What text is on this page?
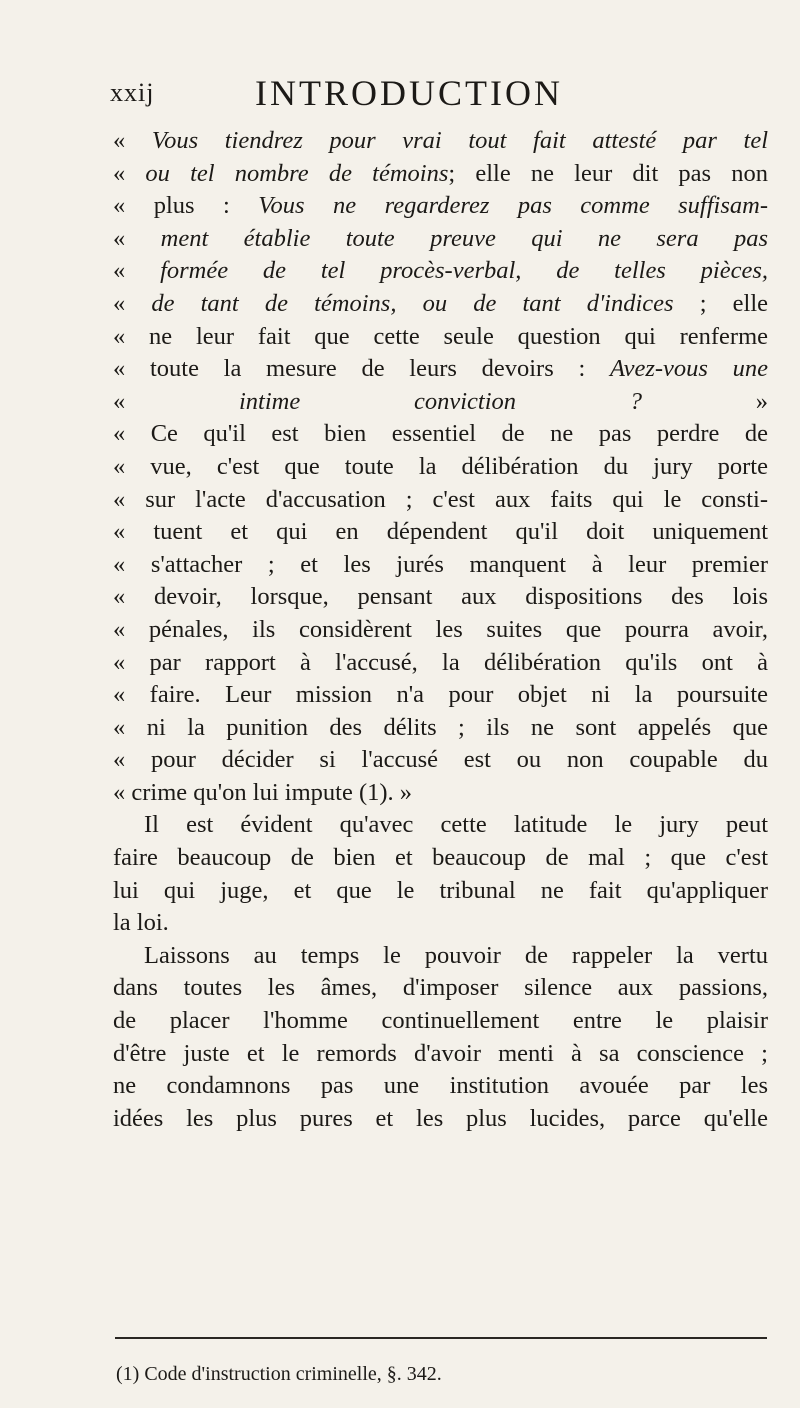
xxij	INTRODUCTION
« Vous tiendrez pour vrai tout fait attesté par tel
« ou tel nombre de témoins; elle ne leur dit pas non
« plus : Vous ne regarderez pas comme suffisam-
« ment établie toute preuve qui ne sera pas
« formée de tel procès-verbal, de telles pièces,
« de tant de témoins, ou de tant d'indices ; elle
« ne leur fait que cette seule question qui renferme
« toute la mesure de leurs devoirs : Avez-vous une
« intime conviction ? »
« Ce qu'il est bien essentiel de ne pas perdre de
« vue, c'est que toute la délibération du jury porte
« sur l'acte d'accusation ; c'est aux faits qui le consti-
« tuent et qui en dépendent qu'il doit uniquement
« s'attacher ; et les jurés manquent à leur premier
« devoir, lorsque, pensant aux dispositions des lois
« pénales, ils considèrent les suites que pourra avoir,
« par rapport à l'accusé, la délibération qu'ils ont à
« faire. Leur mission n'a pour objet ni la poursuite
« ni la punition des délits ; ils ne sont appelés que
« pour décider si l'accusé est ou non coupable du
« crime qu'on lui impute (1). »
Il est évident qu'avec cette latitude le jury peut
faire beaucoup de bien et beaucoup de mal ; que c'est
lui qui juge, et que le tribunal ne fait qu'appliquer
la loi.
Laissons au temps le pouvoir de rappeler la vertu
dans toutes les âmes, d'imposer silence aux passions,
de placer l'homme continuellement entre le plaisir
d'être juste et le remords d'avoir menti à sa conscience ;
ne condamnons pas une institution avouée par les
idées les plus pures et les plus lucides, parce qu'elle
(1) Code d'instruction criminelle, §. 342.
